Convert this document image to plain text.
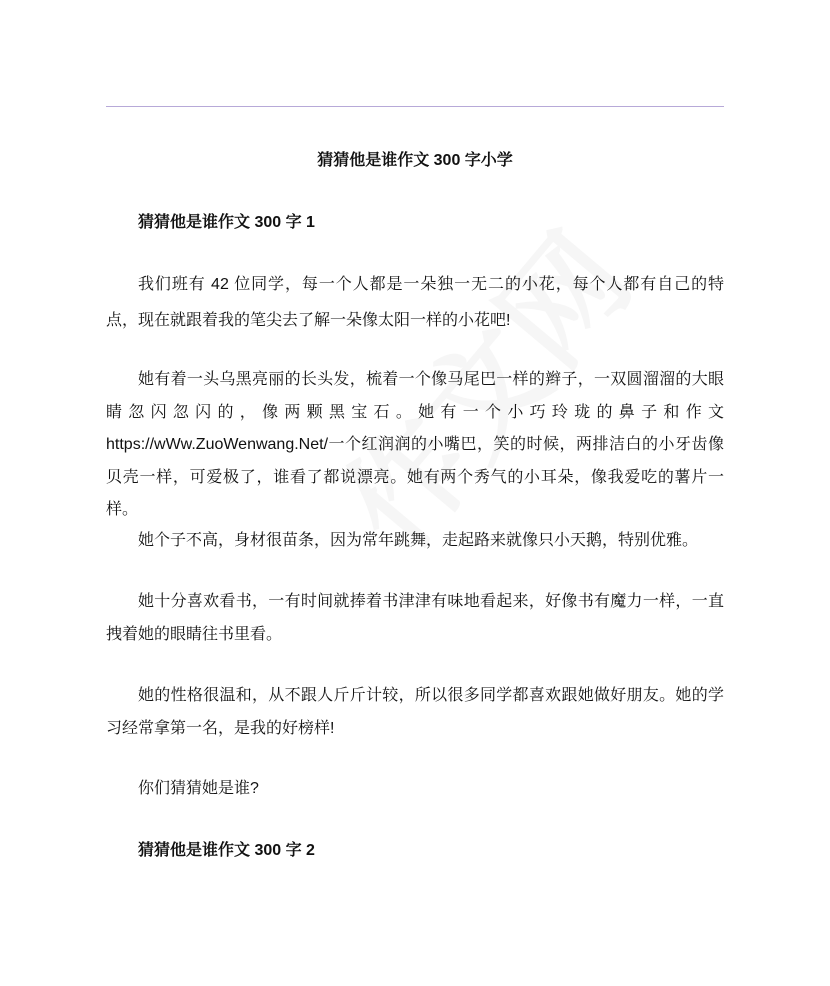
猜猜他是谁作文 300 字小学
猜猜他是谁作文 300 字 1
我们班有 42 位同学，每一个人都是一朵独一无二的小花，每个人都有自己的特点，现在就跟着我的笔尖去了解一朵像太阳一样的小花吧!
她有着一头乌黑亮丽的长头发，梳着一个像马尾巴一样的辫子，一双圆溜溜的大眼睛忽闪忽闪的，像两颗黑宝石。她有一个小巧玲珑的鼻子和作文https://wWw.ZuoWenwang.Net/一个红润润的小嘴巴，笑的时候，两排洁白的小牙齿像贝壳一样，可爱极了，谁看了都说漂亮。她有两个秀气的小耳朵，像我爱吃的薯片一样。
她个子不高，身材很苗条，因为常年跳舞，走起路来就像只小天鹅，特别优雅。
她十分喜欢看书，一有时间就捧着书津津有味地看起来，好像书有魔力一样，一直拽着她的眼睛往书里看。
她的性格很温和，从不跟人斤斤计较，所以很多同学都喜欢跟她做好朋友。她的学习经常拿第一名，是我的好榜样!
你们猜猜她是谁?
猜猜他是谁作文 300 字 2
